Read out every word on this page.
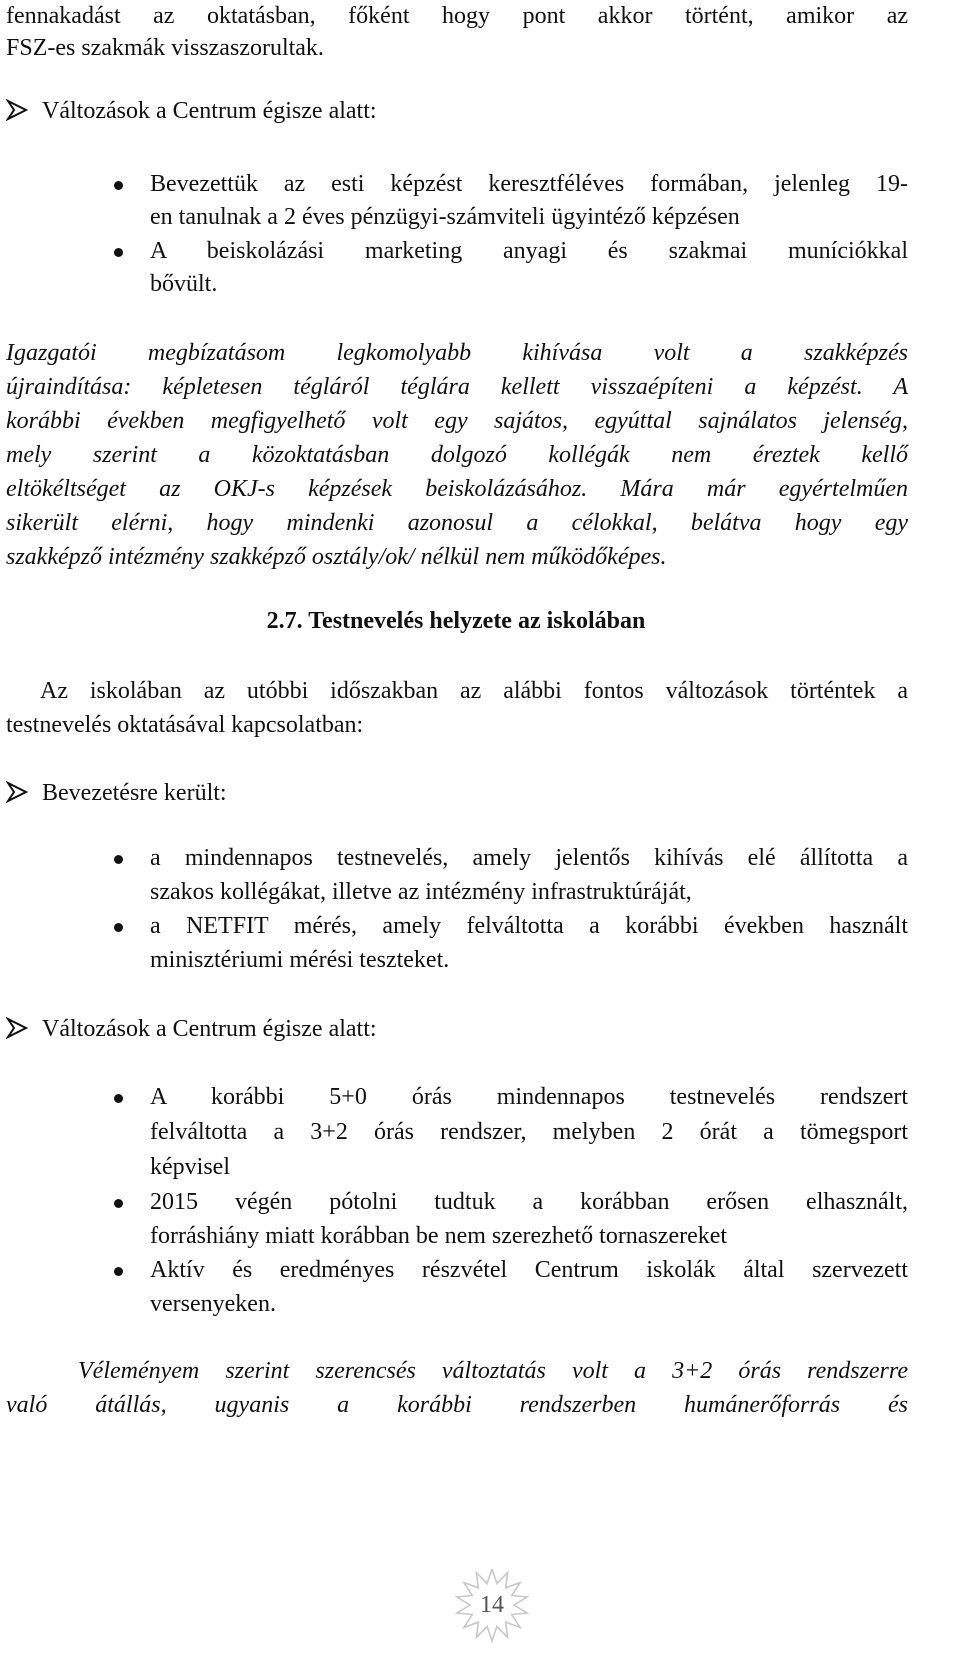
fennakadást az oktatásban, főként hogy pont akkor történt, amikor az
FSZ-es szakmák visszaszorultak.
Változások a Centrum égisze alatt:
Bevezettük az esti képzést keresztféléves formában, jelenleg 19-
en tanulnak a 2 éves pénzügyi-számviteli ügyintéző képzésen
A beiskolázási marketing anyagi és szakmai muníciókkal
bővült.
Igazgatói megbízatásom legkomolyabb kihívása volt a szakképzés
újraindítása: képletesen tégláról téglára kellett visszaépíteni a képzést. A
korábbi években megfigyelhető volt egy sajátos, egyúttal sajnálatos jelenség,
mely szerint a közoktatásban dolgozó kollégák nem éreztek kellő
eltökéltséget az OKJ-s képzések beiskolázásához. Mára már egyértelműen
sikerült elérni, hogy mindenki azonosul a célokkal, belátva hogy egy
szakképző intézmény szakképző osztály/ok/ nélkül nem működőképes.
2.7. Testnevelés helyzete az iskolában
Az iskolában az utóbbi időszakban az alábbi fontos változások történtek a
testnevelés oktatásával kapcsolatban:
Bevezetésre került:
a mindennapos testnevelés, amely jelentős kihívás elé állította a
szakos kollégákat, illetve az intézmény infrastruktúráját,
a NETFIT mérés, amely felváltotta a korábbi években használt
minisztériumi mérési teszteket.
Változások a Centrum égisze alatt:
A korábbi 5+0 órás mindennapos testnevelés rendszert
felváltotta a 3+2 órás rendszer, melyben 2 órát a tömegsport
képvisel
2015 végén pótolni tudtuk a korábban erősen elhasznált,
forráshiány miatt korábban be nem szerezhető tornaszereket
Aktív és eredményes részvétel Centrum iskolák által szervezett
versenyeken.
Véleményem szerint szerencsés változtatás volt a 3+2 órás rendszerre
való átállás, ugyanis a korábbi rendszerben humánerőforrás és
14
